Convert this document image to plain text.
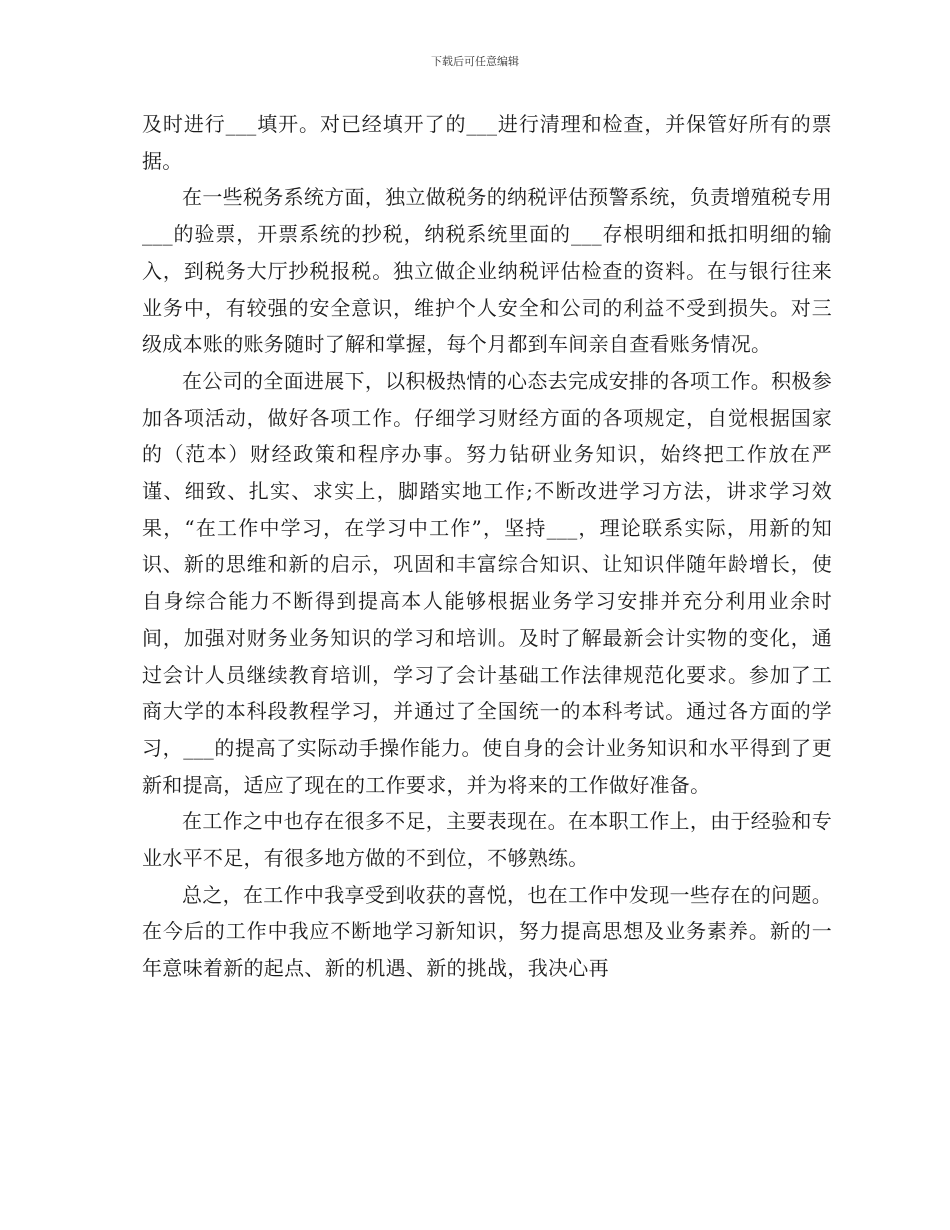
下载后可任意编辑

及时进行___填开。对已经填开了的___进行清理和检查，并保管好所有的票据。

在一些税务系统方面，独立做税务的纳税评估预警系统，负责增殖税专用___的验票，开票系统的抄税，纳税系统里面的___存根明细和抵扣明细的输入，到税务大厅抄税报税。独立做企业纳税评估检查的资料。在与银行往来业务中，有较强的安全意识，维护个人安全和公司的利益不受到损失。对三级成本账的账务随时了解和掌握，每个月都到车间亲自查看账务情况。

在公司的全面进展下，以积极热情的心态去完成安排的各项工作。积极参加各项活动，做好各项工作。仔细学习财经方面的各项规定，自觉根据国家的（范本）财经政策和程序办事。努力钻研业务知识，始终把工作放在严谨、细致、扎实、求实上，脚踏实地工作;不断改进学习方法，讲求学习效果，“在工作中学习，在学习中工作”，坚持___，理论联系实际，用新的知识、新的思维和新的启示，巩固和丰富综合知识、让知识伴随年龄增长，使自身综合能力不断得到提高本人能够根据业务学习安排并充分利用业余时间，加强对财务业务知识的学习和培训。及时了解最新会计实物的变化，通过会计人员继续教育培训，学习了会计基础工作法律规范化要求。参加了工商大学的本科段教程学习，并通过了全国统一的本科考试。通过各方面的学习，___的提高了实际动手操作能力。使自身的会计业务知识和水平得到了更新和提高，适应了现在的工作要求，并为将来的工作做好准备。

在工作之中也存在很多不足，主要表现在。在本职工作上，由于经验和专业水平不足，有很多地方做的不到位，不够熟练。

总之，在工作中我享受到收获的喜悦，也在工作中发现一些存在的问题。在今后的工作中我应不断地学习新知识，努力提高思想及业务素养。新的一年意味着新的起点、新的机遇、新的挑战，我决心再
